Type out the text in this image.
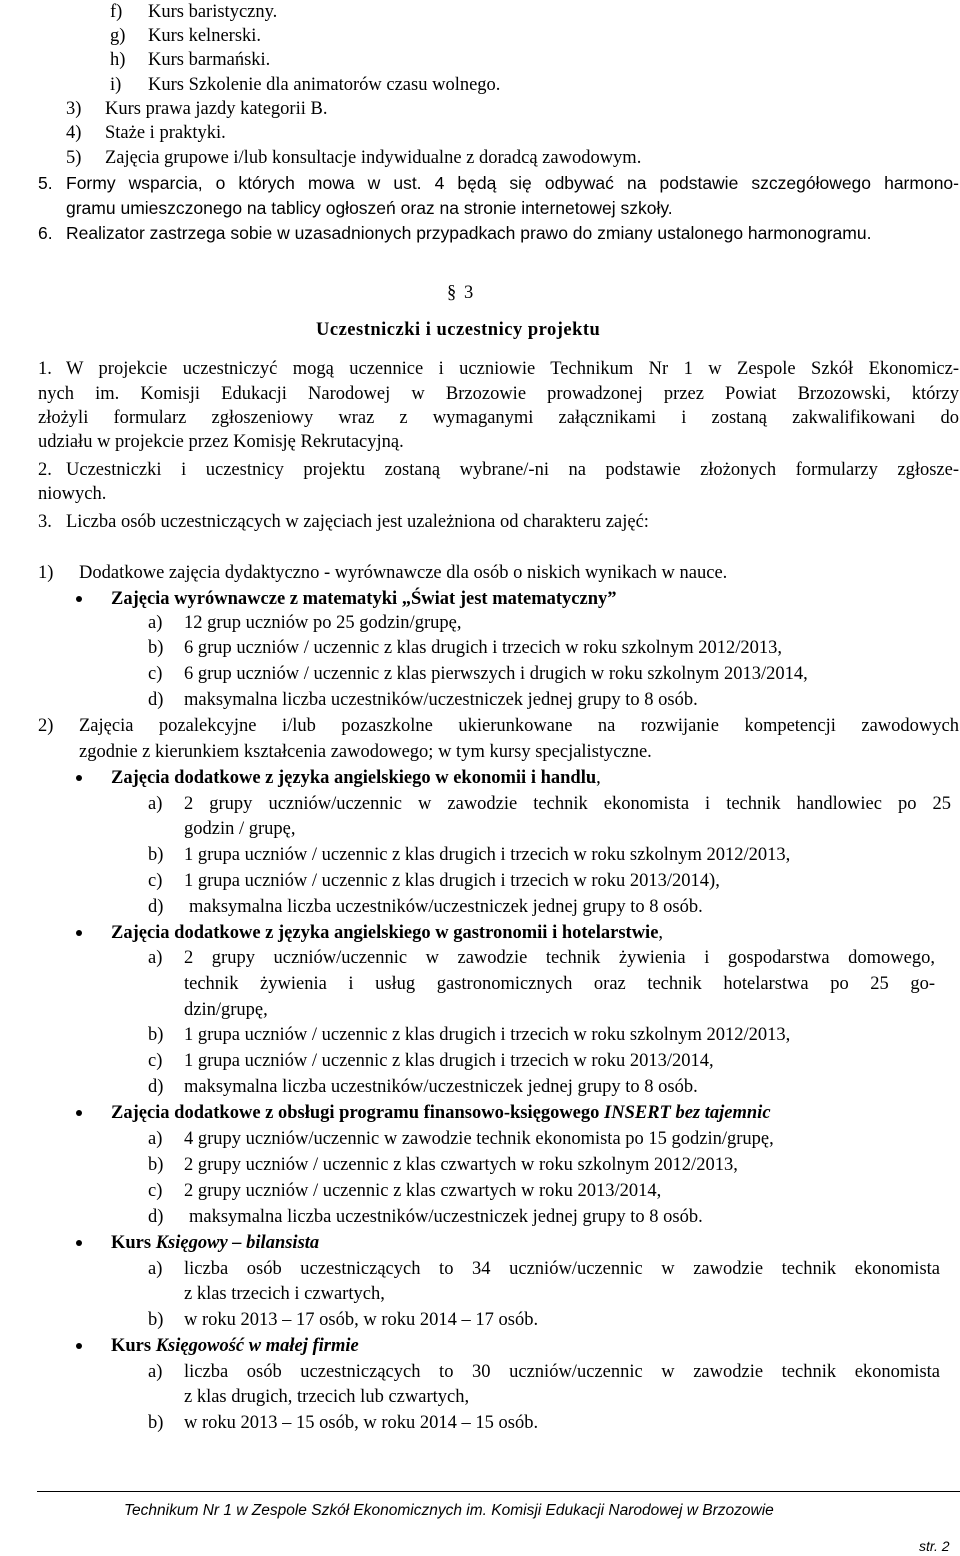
f) Kurs baristyczny.
g) Kurs kelnerski.
h) Kurs barmański.
i) Kurs Szkolenie dla animatorów czasu wolnego.
3) Kurs prawa jazdy kategorii B.
4) Staże i praktyki.
5) Zajęcia grupowe i/lub konsultacje indywidualne z doradcą zawodowym.
5. Formy wsparcia, o których mowa w ust. 4 będą się odbywać na podstawie szczegółowego harmono-
gramu umieszczonego na tablicy ogłoszeń oraz na stronie internetowej szkoły.
6. Realizator zastrzega sobie w uzasadnionych przypadkach prawo do zmiany ustalonego harmonogramu.
§ 3
Uczestniczki i uczestnicy projektu
1. W projekcie uczestniczyć mogą uczennice i uczniowie Technikum Nr 1 w Zespole Szkół Ekonomicz-
nych im. Komisji Edukacji Narodowej w Brzozowie prowadzonej przez Powiat Brzozowski, którzy
złożyli formularz zgłoszeniowy wraz z wymaganymi załącznikami i zostaną zakwalifikowani do
udziału w projekcie przez Komisję Rekrutacyjną.
2. Uczestniczki i uczestnicy projektu zostaną wybrane/-ni na podstawie złożonych formularzy zgłosze-
niowych.
3. Liczba osób uczestniczących w zajęciach jest uzależniona od charakteru zajęć:
1) Dodatkowe zajęcia dydaktyczno - wyrównawcze dla osób o niskich wynikach w nauce.
Zajęcia wyrównawcze z matematyki „Świat jest matematyczny”
a) 12 grup uczniów po 25 godzin/grupę,
b) 6 grup uczniów / uczennic z klas drugich i trzecich w roku szkolnym 2012/2013,
c) 6 grup uczniów / uczennic z klas pierwszych i drugich w roku szkolnym 2013/2014,
d) maksymalna liczba uczestników/uczestniczek jednej grupy to 8 osób.
2) Zajęcia pozalekcyjne i/lub pozaszkolne ukierunkowane na rozwijanie kompetencji zawodowych
zgodnie z kierunkiem kształcenia zawodowego; w tym kursy specjalistyczne.
Zajęcia dodatkowe z języka angielskiego w ekonomii i handlu,
a) 2 grupy uczniów/uczennic w zawodzie technik ekonomista i technik handlowiec po 25
godzin / grupę,
b) 1 grupa uczniów / uczennic z klas drugich i trzecich w roku szkolnym 2012/2013,
c) 1 grupa uczniów / uczennic z klas drugich i trzecich w roku 2013/2014),
d) maksymalna liczba uczestników/uczestniczek jednej grupy to 8 osób.
Zajęcia dodatkowe z języka angielskiego w gastronomii i hotelarstwie,
a) 2 grupy uczniów/uczennic w zawodzie technik żywienia i gospodarstwa domowego,
technik żywienia i usług gastronomicznych oraz technik hotelarstwa po 25 go-
dzin/grupę,
b) 1 grupa uczniów / uczennic z klas drugich i trzecich w roku szkolnym 2012/2013,
c) 1 grupa uczniów / uczennic z klas drugich i trzecich w roku 2013/2014,
d) maksymalna liczba uczestników/uczestniczek jednej grupy to 8 osób.
Zajęcia dodatkowe z obsługi programu finansowo-księgowego INSERT bez tajemnic
a) 4 grupy uczniów/uczennic w zawodzie technik ekonomista po 15 godzin/grupę,
b) 2 grupy uczniów / uczennic z klas czwartych w roku szkolnym 2012/2013,
c) 2 grupy uczniów / uczennic z klas czwartych w roku 2013/2014,
d) maksymalna liczba uczestników/uczestniczek jednej grupy to 8 osób.
Kurs Księgowy – bilansista
a) liczba osób uczestniczących to 34 uczniów/uczennic w zawodzie technik ekonomista
z klas trzecich i czwartych,
b) w roku 2013 – 17 osób, w roku 2014 – 17 osób.
Kurs Księgowość w małej firmie
a) liczba osób uczestniczących to 30 uczniów/uczennic w zawodzie technik ekonomista
z klas drugich, trzecich lub czwartych,
b) w roku 2013 – 15 osób, w roku 2014 – 15 osób.
Technikum Nr 1 w Zespole Szkół Ekonomicznych im. Komisji Edukacji Narodowej w Brzozowie
str. 2
